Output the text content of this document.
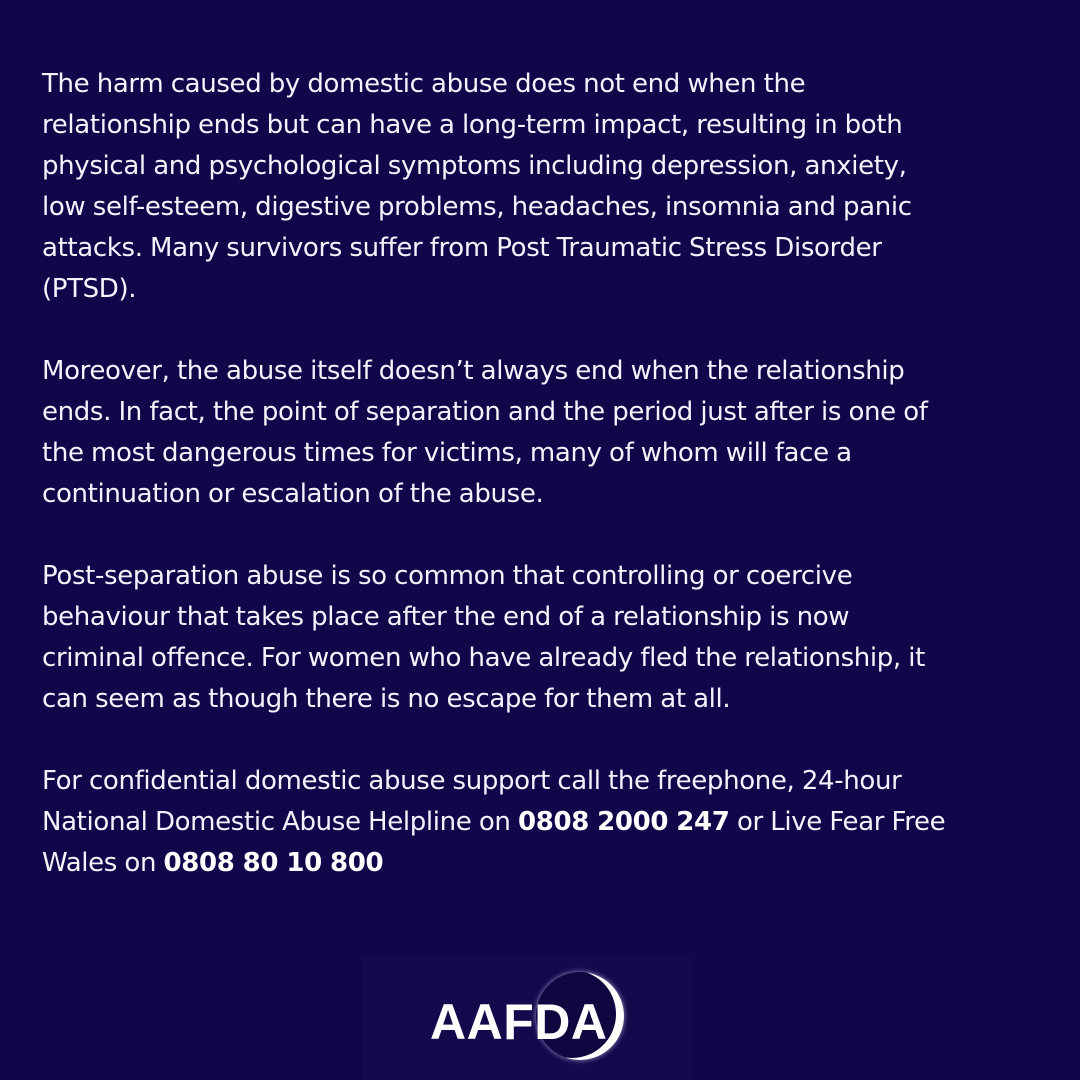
The harm caused by domestic abuse does not end when the
relationship ends but can have a long-term impact, resulting in both
physical and psychological symptoms including depression, anxiety,
low self-esteem, digestive problems, headaches, insomnia and panic
attacks. Many survivors suffer from Post Traumatic Stress Disorder
(PTSD).

Moreover, the abuse itself doesn’t always end when the relationship
ends. In fact, the point of separation and the period just after is one of
the most dangerous times for victims, many of whom will face a
continuation or escalation of the abuse.

Post-separation abuse is so common that controlling or coercive
behaviour that takes place after the end of a relationship is now
criminal offence. For women who have already fled the relationship, it
can seem as though there is no escape for them at all.

For confidential domestic abuse support call the freephone, 24-hour
National Domestic Abuse Helpline on 0808 2000 247 or Live Fear Free
Wales on 0808 80 10 800

AAFDA
